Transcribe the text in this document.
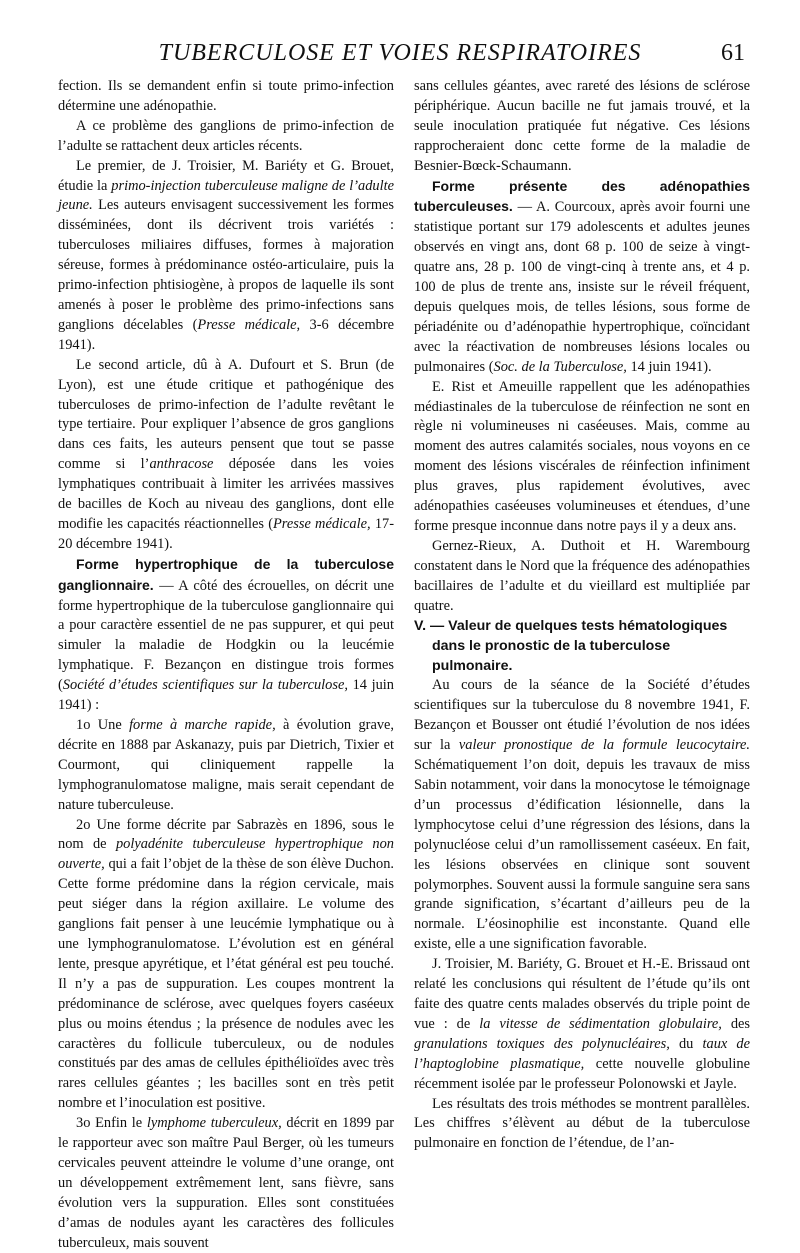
TUBERCULOSE ET VOIES RESPIRATOIRES	61

fection. Ils se demandent enfin si toute primo-infection détermine une adénopathie.

A ce problème des ganglions de primo-infection de l’adulte se rattachent deux articles récents.

Le premier, de J. Troisier, M. Bariéty et G. Brouet, étudie la primo-injection tuberculeuse maligne de l’adulte jeune. Les auteurs envisagent successivement les formes disséminées, dont ils décrivent trois variétés : tuberculoses miliaires diffuses, formes à majoration séreuse, formes à prédominance ostéo-articulaire, puis la primo-infection phtisiogène, à propos de laquelle ils sont amenés à poser le problème des primo-infections sans ganglions décelables (Presse médicale, 3-6 décembre 1941).

Le second article, dû à A. Dufourt et S. Brun (de Lyon), est une étude critique et pathogénique des tuberculoses de primo-infection de l’adulte revêtant le type tertiaire. Pour expliquer l’absence de gros ganglions dans ces faits, les auteurs pensent que tout se passe comme si l’anthracose déposée dans les voies lymphatiques contribuait à limiter les arrivées massives de bacilles de Koch au niveau des ganglions, dont elle modifie les capacités réactionnelles (Presse médicale, 17-20 décembre 1941).

Forme hypertrophique de la tuberculose ganglionnaire. — A côté des écrouelles, on décrit une forme hypertrophique de la tuberculose ganglionnaire qui a pour caractère essentiel de ne pas suppurer, et qui peut simuler la maladie de Hodgkin ou la leucémie lymphatique. F. Bezançon en distingue trois formes (Société d’études scientifiques sur la tuberculose, 14 juin 1941) :

1o Une forme à marche rapide, à évolution grave, décrite en 1888 par Askanazy, puis par Dietrich, Tixier et Courmont, qui cliniquement rappelle la lymphogranulomatose maligne, mais serait cependant de nature tuberculeuse.

2o Une forme décrite par Sabrazès en 1896, sous le nom de polyadénite tuberculeuse hypertrophique non ouverte, qui a fait l’objet de la thèse de son élève Duchon. Cette forme prédomine dans la région cervicale, mais peut siéger dans la région axillaire. Le volume des ganglions fait penser à une leucémie lymphatique ou à une lymphogranulomatose. L’évolution est en général lente, presque apyrétique, et l’état général est peu touché. Il n’y a pas de suppuration. Les coupes montrent la prédominance de sclérose, avec quelques foyers caséeux plus ou moins étendus ; la présence de nodules avec les caractères du follicule tuberculeux, ou de nodules constitués par des amas de cellules épithélioïdes avec très rares cellules géantes ; les bacilles sont en très petit nombre et l’inoculation est positive.

3o Enfin le lymphome tuberculeux, décrit en 1899 par le rapporteur avec son maître Paul Berger, où les tumeurs cervicales peuvent atteindre le volume d’une orange, ont un développement extrêmement lent, sans fièvre, sans évolution vers la suppuration. Elles sont constituées d’amas de nodules ayant les caractères des follicules tuberculeux, mais souvent

sans cellules géantes, avec rareté des lésions de sclérose périphérique. Aucun bacille ne fut jamais trouvé, et la seule inoculation pratiquée fut négative. Ces lésions rapprocheraient donc cette forme de la maladie de Besnier-Bœck-Schaumann.

Forme présente des adénopathies tuberculeuses. — A. Courcoux, après avoir fourni une statistique portant sur 179 adolescents et adultes jeunes observés en vingt ans, dont 68 p. 100 de seize à vingt-quatre ans, 28 p. 100 de vingt-cinq à trente ans, et 4 p. 100 de plus de trente ans, insiste sur le réveil fréquent, depuis quelques mois, de telles lésions, sous forme de périadénite ou d’adénopathie hypertrophique, coïncidant avec la réactivation de nombreuses lésions locales ou pulmonaires (Soc. de la Tuberculose, 14 juin 1941).

E. Rist et Ameuille rappellent que les adénopathies médiastinales de la tuberculose de réinfection ne sont en règle ni volumineuses ni caséeuses. Mais, comme au moment des autres calamités sociales, nous voyons en ce moment des lésions viscérales de réinfection infiniment plus graves, plus rapidement évolutives, avec adénopathies caséeuses volumineuses et étendues, d’une forme presque inconnue dans notre pays il y a deux ans.

Gernez-Rieux, A. Duthoit et H. Warembourg constatent dans le Nord que la fréquence des adénopathies bacillaires de l’adulte et du vieillard est multipliée par quatre.

V. — Valeur de quelques tests hématologiques dans le pronostic de la tuberculose pulmonaire.

Au cours de la séance de la Société d’études scientifiques sur la tuberculose du 8 novembre 1941, F. Bezançon et Bousser ont étudié l’évolution de nos idées sur la valeur pronostique de la formule leucocytaire. Schématiquement l’on doit, depuis les travaux de miss Sabin notamment, voir dans la monocytose le témoignage d’un processus d’édification lésionnelle, dans la lymphocytose celui d’une régression des lésions, dans la polynucléose celui d’un ramollissement caséeux. En fait, les lésions observées en clinique sont souvent polymorphes. Souvent aussi la formule sanguine sera sans grande signification, s’écartant d’ailleurs peu de la normale. L’éosinophilie est inconstante. Quand elle existe, elle a une signification favorable.

J. Troisier, M. Bariéty, G. Brouet et H.-E. Brissaud ont relaté les conclusions qui résultent de l’étude qu’ils ont faite des quatre cents malades observés du triple point de vue : de la vitesse de sédimentation globulaire, des granulations toxiques des polynucléaires, du taux de l’haptoglobine plasmatique, cette nouvelle globuline récemment isolée par le professeur Polonowski et Jayle.

Les résultats des trois méthodes se montrent parallèles. Les chiffres s’élèvent au début de la tuberculose pulmonaire en fonction de l’étendue, de l’an-
